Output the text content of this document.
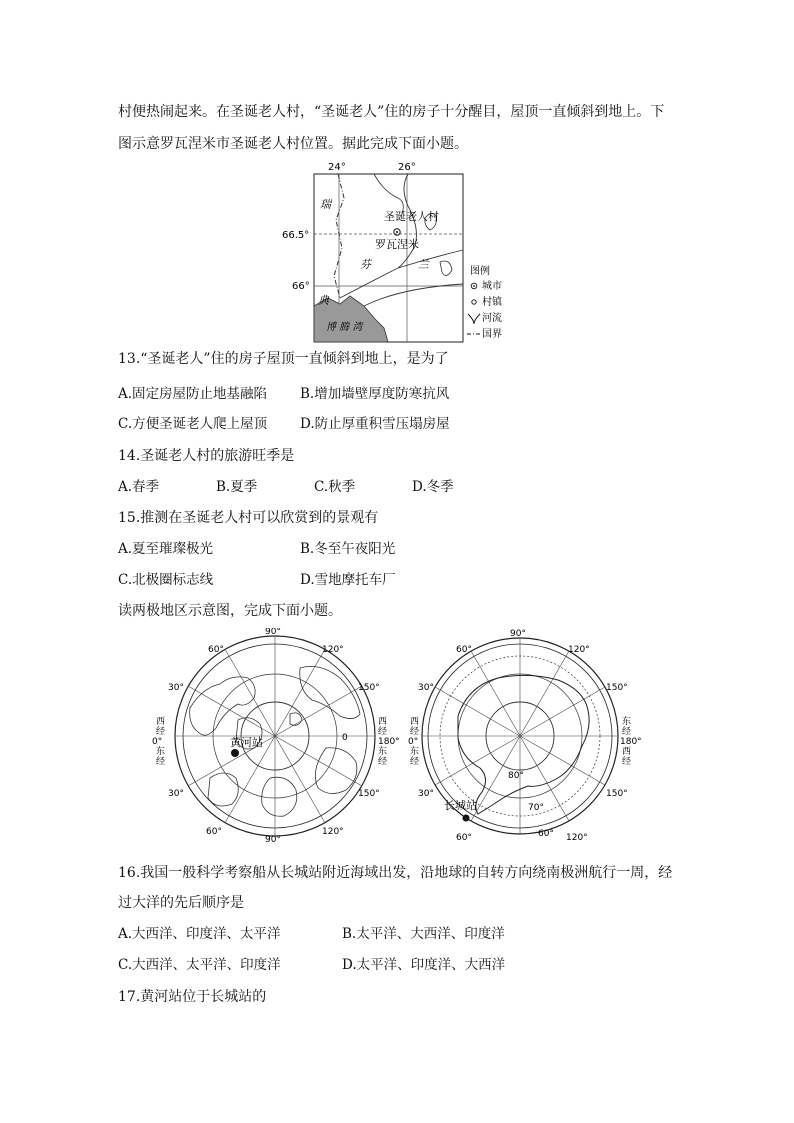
村便热闹起来。在圣诞老人村，“圣诞老人”住的房子十分醒目，屋顶一直倾斜到地上。下
图示意罗瓦涅米市圣诞老人村位置。据此完成下面小题。
24°	26°
66.5°
66°
圣诞老人村
罗瓦涅米
瑞
典
芬	兰
博 腾 湾
图例
城市
村镇
河流
国界
13.“圣诞老人”住的房子屋顶一直倾斜到地上，是为了
A.固定房屋防止地基融陷 B.增加墙壁厚度防寒抗风
C.方便圣诞老人爬上屋顶 D.防止厚重积雪压塌房屋
14.圣诞老人村的旅游旺季是
A.春季	B.夏季	C.秋季	D.冬季
15.推测在圣诞老人村可以欣赏到的景观有
A.夏至璀璨极光	B.冬至午夜阳光
C.北极圈标志线	D.雪地摩托车厂
读两极地区示意图，完成下面小题。
黄河站
90°
60°	120°
30°	150°
0	180°
30°	150°
60°	120°
90°
西
经
0°
东
经
西
经
东
经
长城站
90°
60°	120°
30°	150°
180°
30°	150°
60°	120°
80°
70°
60°
西
经
0°
东
经
东
经
西
经
16.我国一般科学考察船从长城站附近海域出发，沿地球的自转方向绕南极洲航行一周，经
过大洋的先后顺序是
A.大西洋、印度洋、太平洋	B.太平洋、大西洋、印度洋
C.大西洋、太平洋、印度洋	D.太平洋、印度洋、大西洋
17.黄河站位于长城站的
